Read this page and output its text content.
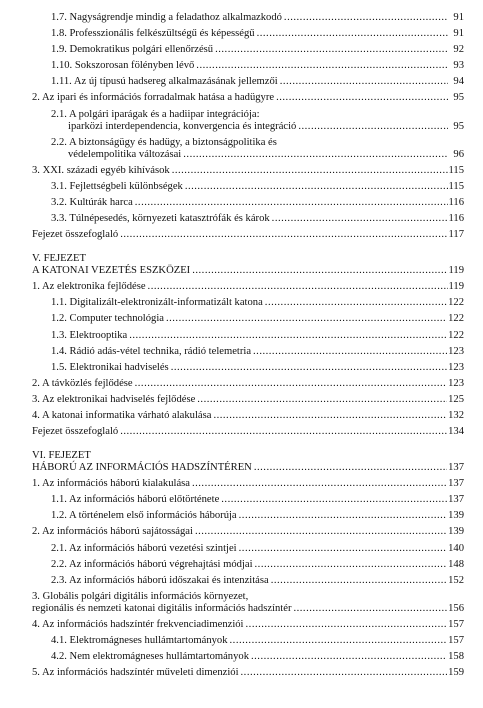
1.7. Nagyságrendje mindig a feladathoz alkalmazkodó .....	91
1.8. Professzionális felkészültségű és képességű .....	91
1.9. Demokratikus polgári ellenőrzésű .....	92
1.10. Sokszorosan fölényben lévő .....	93
1.11. Az új típusú hadsereg alkalmazásának jellemzői .....	94
2. Az ipari és információs forradalmak hatása a hadügyre .....	95
2.1. A polgári iparágak és a hadiipar integrációja:
iparközi interdependencia, konvergencia és integráció .....	95
2.2. A biztonságügy és hadügy, a biztonságpolitika és
védelempolitika változásai .....	96
3. XXI. századi egyéb kihívások .....	115
3.1. Fejlettségbeli különbségek .....	115
3.2. Kultúrák harca .....	116
3.3. Túlnépesedés, környezeti katasztrófák és károk .....	116
Fejezet összefoglaló .....	117
V. FEJEZET
A KATONAI VEZETÉS ESZKÖZEI .....	119
1. Az elektronika fejlődése .....	119
1.1. Digitalizált-elektronizált-informatizált katona .....	122
1.2. Computer technológia .....	122
1.3. Elektrooptika .....	122
1.4. Rádió adás-vétel technika, rádió telemetria .....	123
1.5. Elektronikai hadviselés .....	123
2. A távközlés fejlődése .....	123
3. Az elektronikai hadviselés fejlődése .....	125
4. A katonai informatika várható alakulása .....	132
Fejezet összefoglaló .....	134
VI. FEJEZET
HÁBORÚ AZ INFORMÁCIÓS HADSZÍNTÉREN .....	137
1. Az információs háború kialakulása .....	137
1.1. Az információs háború előtörténete .....	137
1.2. A történelem első információs háborúja .....	139
2. Az információs háború sajátosságai .....	139
2.1. Az információs háború vezetési szintjei .....	140
2.2. Az információs háború végrehajtási módjai .....	148
2.3. Az információs háború időszakai és intenzitása .....	152
3. Globális polgári digitális információs környezet,
regionális és nemzeti katonai digitális információs hadszíntér .....	156
4. Az információs hadszíntér frekvenciadimenziói .....	157
4.1. Elektromágneses hullámtartományok .....	157
4.2. Nem elektromágneses hullámtartományok .....	158
5. Az információs hadszíntér műveleti dimenziói .....	159
